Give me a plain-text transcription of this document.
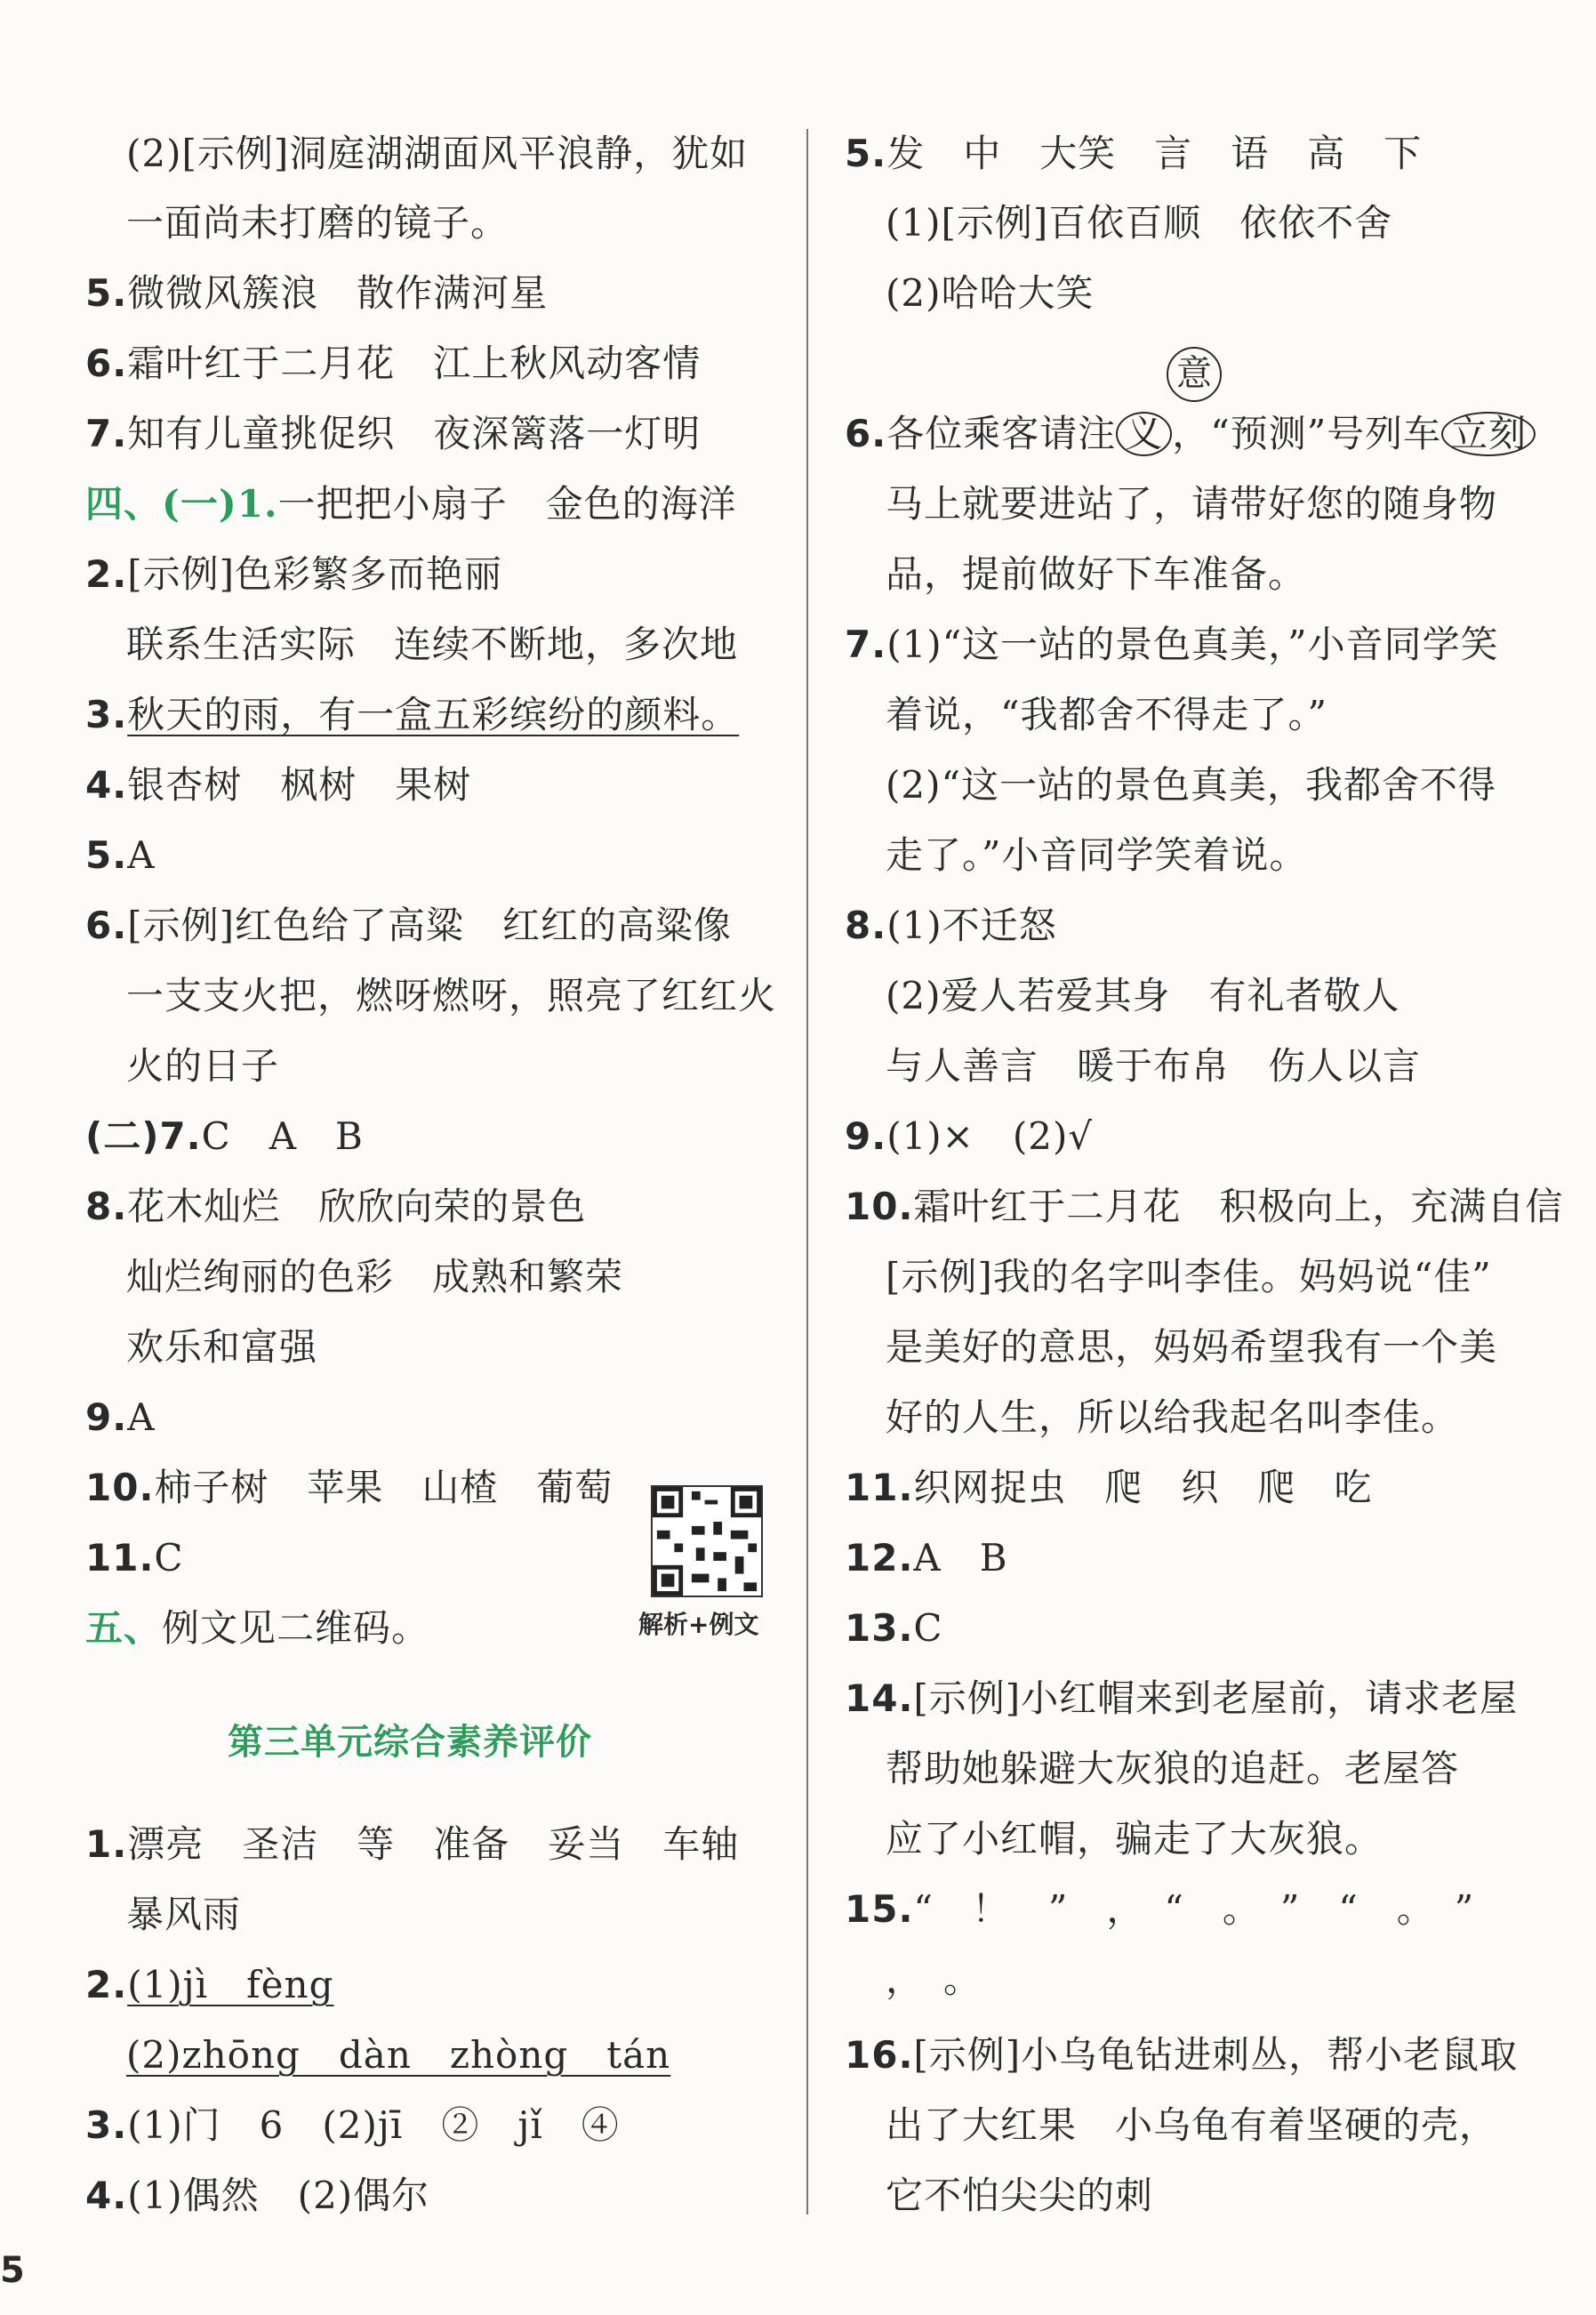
(2)[示例]洞庭湖湖面风平浪静，犹如
一面尚未打磨的镜子。
5.微微风簇浪　散作满河星
6.霜叶红于二月花　江上秋风动客情
7.知有儿童挑促织　夜深篱落一灯明
四、(一)1.一把把小扇子　金色的海洋
2.[示例]色彩繁多而艳丽
联系生活实际　连续不断地，多次地
3.秋天的雨，有一盒五彩缤纷的颜料。
4.银杏树　枫树　果树
5.A
6.[示例]红色给了高粱　红红的高粱像
一支支火把，燃呀燃呀，照亮了红红火
火的日子
(二)7.C　A　B
8.花木灿烂　欣欣向荣的景色
灿烂绚丽的色彩　成熟和繁荣
欢乐和富强
9.A
10.柿子树　苹果　山楂　葡萄
11.C
五、例文见二维码。
第三单元综合素养评价
1.漂亮　圣洁　等　准备　妥当　车轴
暴风雨
2.(1)jì　fèng
(2)zhōng　dàn　zhòng　tán
3.(1)门　6　(2)jī　②　jǐ　④
4.(1)偶然　(2)偶尔
解析+例文
5.发　中　大笑　言　语　高　下
(1)[示例]百依百顺　依依不舍
(2)哈哈大笑
6.各位乘客请注 义 ，“预测”号列车 立刻
马上就要进站了，请带好您的随身物
品，提前做好下车准备。
7.(1)“这一站的景色真美，”小音同学笑
着说，“我都舍不得走了。”
(2)“这一站的景色真美，我都舍不得
走了。”小音同学笑着说。
8.(1)不迁怒
(2)爱人若爱其身　有礼者敬人
与人善言　暖于布帛　伤人以言
9.(1)×　(2)√
10.霜叶红于二月花　积极向上，充满自信
[示例]我的名字叫李佳。妈妈说“佳”
是美好的意思，妈妈希望我有一个美
好的人生，所以给我起名叫李佳。
11.织网捉虫　爬　织　爬　吃
12.A　B
13.C
14.[示例]小红帽来到老屋前，请求老屋
帮助她躲避大灰狼的追赶。老屋答
应了小红帽，骗走了大灰狼。
15.“　！　”　，　“　。　”　“　。　”
，　。
16.[示例]小乌龟钻进刺丛，帮小老鼠取
出了大红果　小乌龟有着坚硬的壳，
它不怕尖尖的刺
意
5
